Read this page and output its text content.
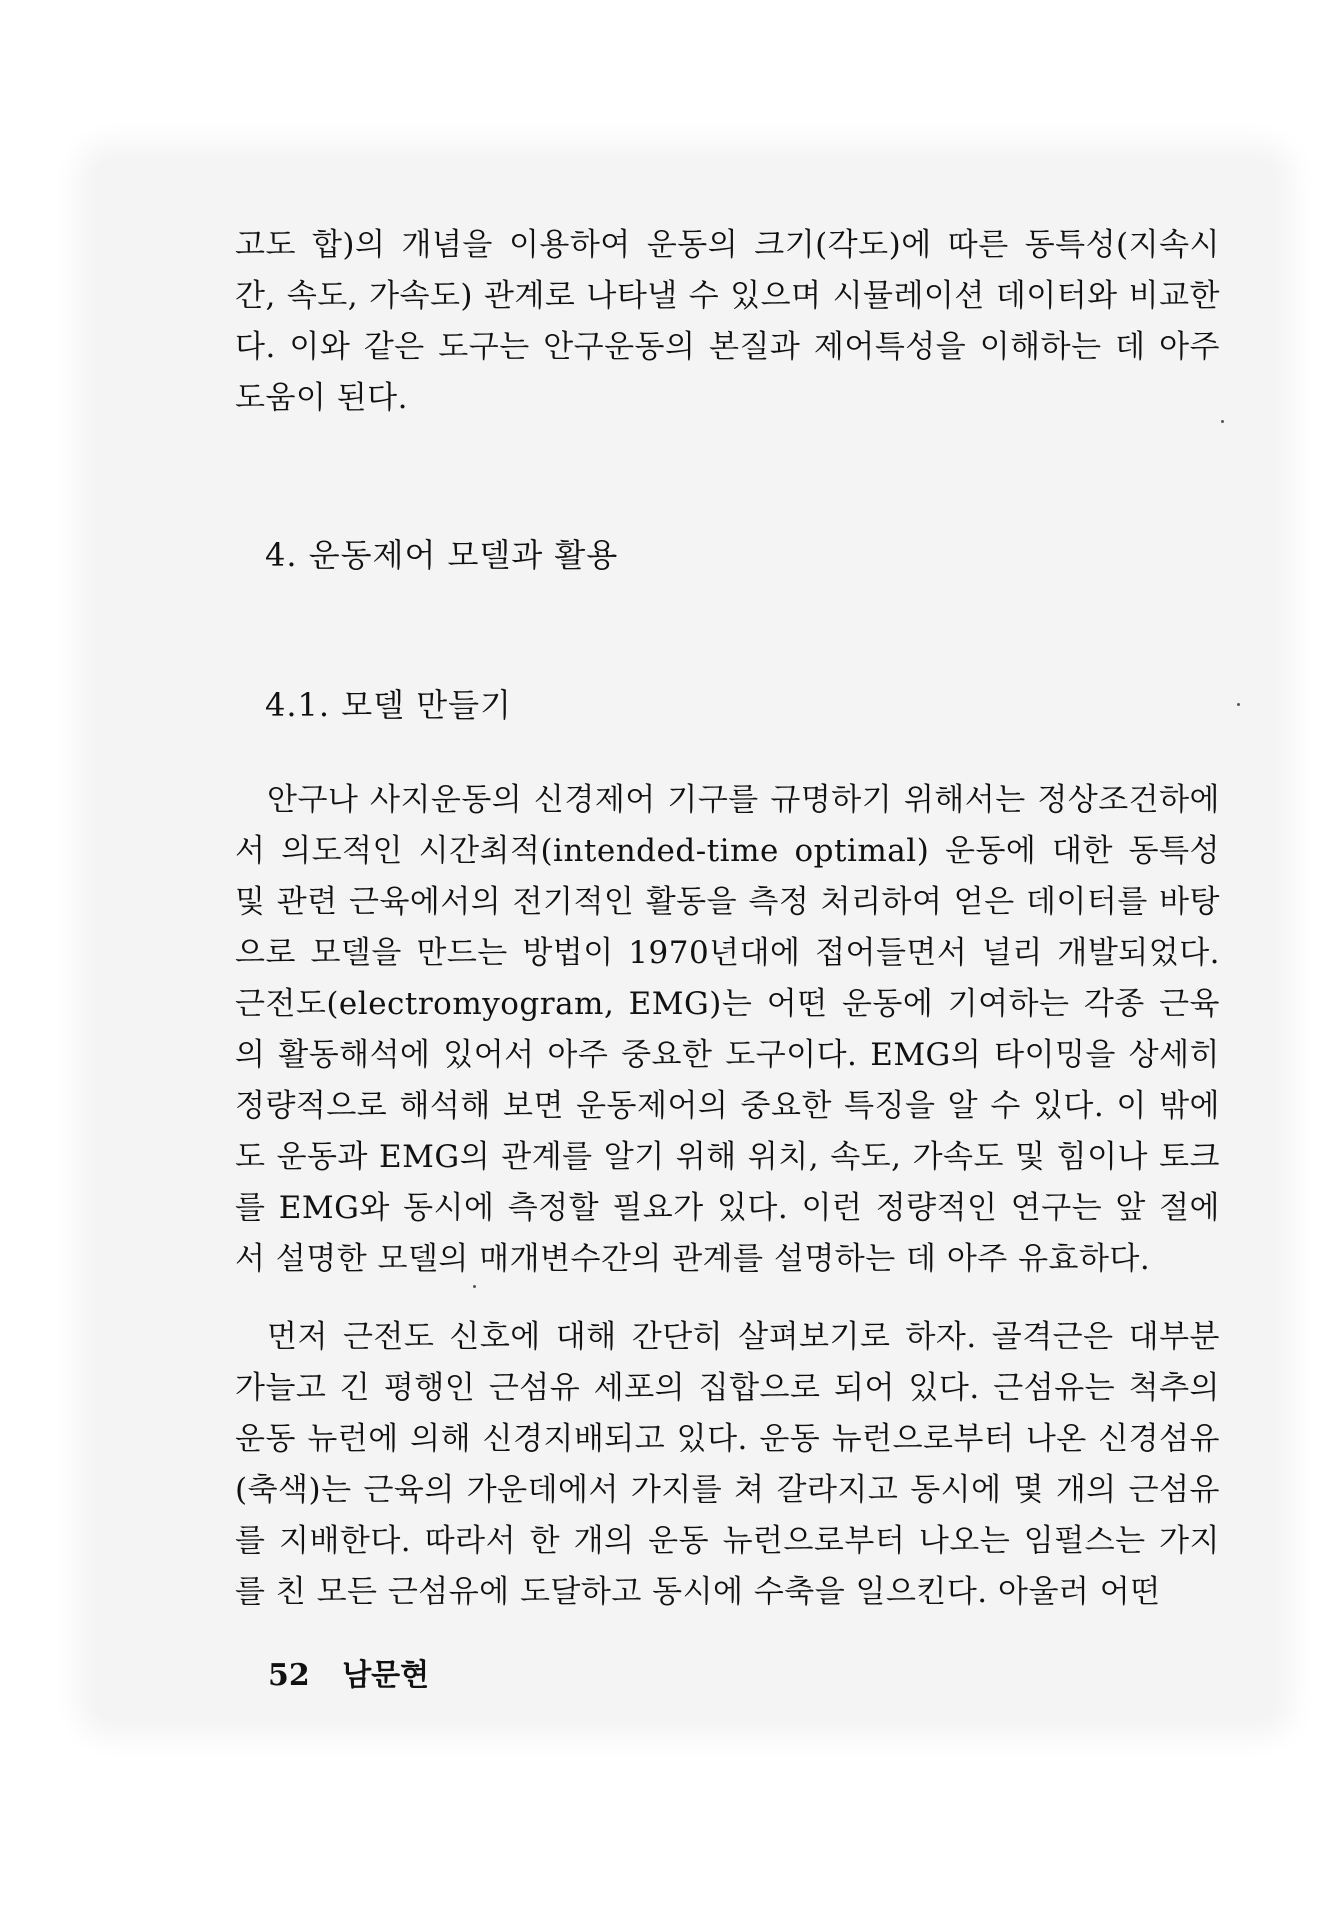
고도 합)의 개념을 이용하여 운동의 크기(각도)에 따른 동특성(지속시간, 속도, 가속도) 관계로 나타낼 수 있으며 시뮬레이션 데이터와 비교한다. 이와 같은 도구는 안구운동의 본질과 제어특성을 이해하는 데 아주 도움이 된다.

4. 운동제어 모델과 활용
4.1. 모델 만들기

안구나 사지운동의 신경제어 기구를 규명하기 위해서는 정상조건하에서 의도적인 시간최적(intended-time optimal) 운동에 대한 동특성 및 관련 근육에서의 전기적인 활동을 측정 처리하여 얻은 데이터를 바탕으로 모델을 만드는 방법이 1970년대에 접어들면서 널리 개발되었다. 근전도(electromyogram, EMG)는 어떤 운동에 기여하는 각종 근육의 활동해석에 있어서 아주 중요한 도구이다. EMG의 타이밍을 상세히 정량적으로 해석해 보면 운동제어의 중요한 특징을 알 수 있다. 이 밖에도 운동과 EMG의 관계를 알기 위해 위치, 속도, 가속도 및 힘이나 토크를 EMG와 동시에 측정할 필요가 있다. 이런 정량적인 연구는 앞 절에서 설명한 모델의 매개변수간의 관계를 설명하는 데 아주 유효하다.

먼저 근전도 신호에 대해 간단히 살펴보기로 하자. 골격근은 대부분 가늘고 긴 평행인 근섬유 세포의 집합으로 되어 있다. 근섬유는 척추의 운동 뉴런에 의해 신경지배되고 있다. 운동 뉴런으로부터 나온 신경섬유(축색)는 근육의 가운데에서 가지를 쳐 갈라지고 동시에 몇 개의 근섬유를 지배한다. 따라서 한 개의 운동 뉴런으로부터 나오는 임펄스는 가지를 친 모든 근섬유에 도달하고 동시에 수축을 일으킨다. 아울러 어떤

52 남문현
